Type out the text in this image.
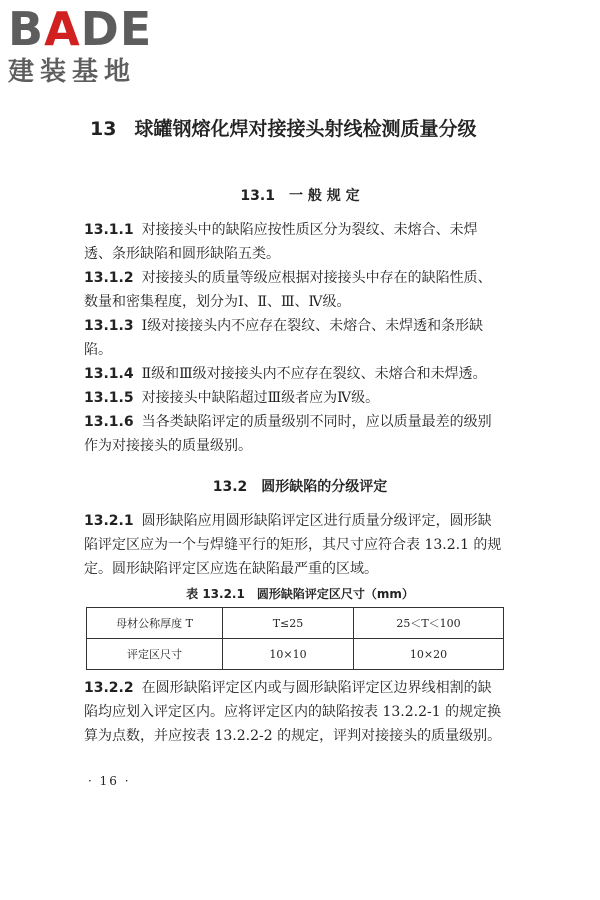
BADE
建装基地
13 球罐钢熔化焊对接接头射线检测质量分级
13.1 一 般 规 定
13.1.1 对接接头中的缺陷应按性质区分为裂纹、未熔合、未焊透、条形缺陷和圆形缺陷五类。
13.1.2 对接接头的质量等级应根据对接接头中存在的缺陷性质、数量和密集程度，划分为Ⅰ、Ⅱ、Ⅲ、Ⅳ级。
13.1.3 Ⅰ级对接接头内不应存在裂纹、未熔合、未焊透和条形缺陷。
13.1.4 Ⅱ级和Ⅲ级对接接头内不应存在裂纹、未熔合和未焊透。
13.1.5 对接接头中缺陷超过Ⅲ级者应为Ⅳ级。
13.1.6 当各类缺陷评定的质量级别不同时，应以质量最差的级别作为对接接头的质量级别。
13.2 圆形缺陷的分级评定
13.2.1 圆形缺陷应用圆形缺陷评定区进行质量分级评定，圆形缺陷评定区应为一个与焊缝平行的矩形，其尺寸应符合表 13.2.1 的规定。圆形缺陷评定区应选在缺陷最严重的区域。
表 13.2.1 圆形缺陷评定区尺寸（mm）
母材公称厚度 T	T≤25	25＜T＜100
评定区尺寸	10×10	10×20
13.2.2 在圆形缺陷评定区内或与圆形缺陷评定区边界线相割的缺陷均应划入评定区内。应将评定区内的缺陷按表 13.2.2-1 的规定换算为点数，并应按表 13.2.2-2 的规定，评判对接接头的质量级别。
· 16 ·
